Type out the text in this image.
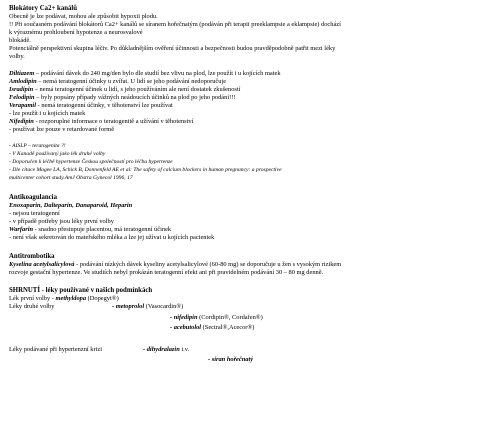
Blokátory Ca2+ kanálů
Obecně je lze podávat, mohou ale způsobit hypoxii plodu.
!! Při současném podávání blokátorů Ca2+ kanálů se síranem hořečnatým (podáván při terapii preeklampsie a eklampsie) dochází
k výraznému prohloubení hypotenze a neurosvalové
blokádě.
Potenciálně perspektivní skupina léčiv. Po důkladnějším ověření účinnosti a bezpečnosti budou pravděpodobně patřit mezi léky
volby.
Diltiazem – podávání dávek do 240 mg/den bylo dle studií bez vlivu na plod, lze použít i u kojících matek
Amlodipin – nemá teratogenní účinky u zvířat. U lidí se jeho podávání nedoporučuje
Isradipin – nemá teratogenní účinek u lidí, s jeho používáním ale není dostatek zkušeností
Felodipin – byly popsány případy vážných neádoucích účinků na plod po jeho podání!!!
Verapamil - nemá teratogenní účinky, v těhotenství lze používat
- lze použít i u kojících matek
Nifedipin - rozporuplné informace o teratogenitě a užívání v těhotenství
- používat lze pouze v retardované formě
- AISLP – teratogenita ?!
- V Kanadě používaný jako lék druhé volby
- Doporučen k léčbě hypertenze Českou společností pro léčbu hypertenze
- Dle citace Magee LA, Schick B, Donnenfeld AE et al: The safety of calcium blockers in human pregnancy: a prospective
multicenter cohort study.AmJ Obstra Gynecol 1996, 17
Antikoagulancia
Enoxaparin, Dalteparin, Danaparoid, Heparin
- nejsou teratogenní
- v případě potřeby jsou léky první volby
Warfarin - snadno přestupuje placentou, má teratogenní účinek
- není však sekretován do mateřského mléka a lze jej užívat u kojících pacientek
Antitrombotika
Kyselina acetylsalicylová - podávání nízkých dávek kyseliny acetylsalicylové (60-80 mg) se doporučuje u žen s vysokým rizikem
rozvoje gestační hypertenze. Ve studiích nebyl prokázán teratogenní efekt ani při pravidelném podávání 30 – 80 mg denně.
SHRNUTÍ - léky používané v našich podmínkách
Lék první volby - methyldopa (Dopegyt®)
Léky druhé volby	- metoprolol (Vasocardin®)
- nifedipin (Cordipin®, Cordafen®)
- acebutolol (Sectral®,Acecor®)
Léky podávané při hypertenzní krizi	- dihydralazin i.v.
- síran hořečnatý
